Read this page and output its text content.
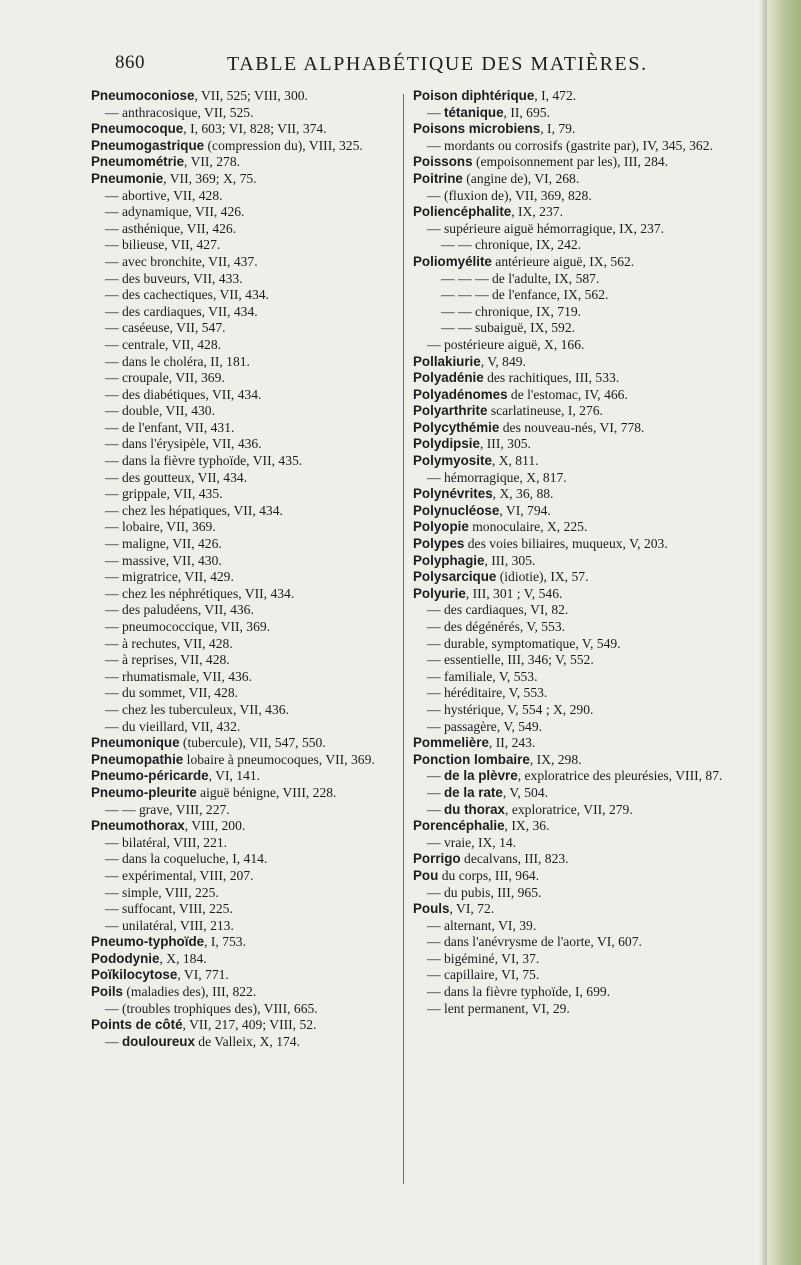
860	TABLE ALPHABÉTIQUE DES MATIÈRES.
Pneumoconiose, VII, 525; VIII, 300.
— anthracosique, VII, 525.
Pneumocoque, I, 603; VI, 828; VII, 374.
Pneumogastrique (compression du), VIII, 325.
Pneumométrie, VII, 278.
Pneumonie, VII, 369; X, 75.
— abortive, VII, 428.
— adynamique, VII, 426.
— asthénique, VII, 426.
— bilieuse, VII, 427.
— avec bronchite, VII, 437.
— des buveurs, VII, 433.
— des cachectiques, VII, 434.
— des cardiaques, VII, 434.
— caséeuse, VII, 547.
— centrale, VII, 428.
— dans le choléra, II, 181.
— croupale, VII, 369.
— des diabétiques, VII, 434.
— double, VII, 430.
— de l'enfant, VII, 431.
— dans l'érysipèle, VII, 436.
— dans la fièvre typhoïde, VII, 435.
— des goutteux, VII, 434.
— grippale, VII, 435.
— chez les hépatiques, VII, 434.
— lobaire, VII, 369.
— maligne, VII, 426.
— massive, VII, 430.
— migratrice, VII, 429.
— chez les néphrétiques, VII, 434.
— des paludéens, VII, 436.
— pneumococcique, VII, 369.
— à rechutes, VII, 428.
— à reprises, VII, 428.
— rhumatismale, VII, 436.
— du sommet, VII, 428.
— chez les tuberculeux, VII, 436.
— du vieillard, VII, 432.
Pneumonique (tubercule), VII, 547, 550.
Pneumopathie lobaire à pneumocoques, VII, 369.
Pneumo-péricarde, VI, 141.
Pneumo-pleurite aiguë bénigne, VIII, 228.
— — grave, VIII, 227.
Pneumothorax, VIII, 200.
— bilatéral, VIII, 221.
— dans la coqueluche, I, 414.
— expérimental, VIII, 207.
— simple, VIII, 225.
— suffocant, VIII, 225.
— unilatéral, VIII, 213.
Pneumo-typhoïde, I, 753.
Pododynie, X, 184.
Poïkilocytose, VI, 771.
Poils (maladies des), III, 822.
— (troubles trophiques des), VIII, 665.
Points de côté, VII, 217, 409; VIII, 52.
— douloureux de Valleix, X, 174.
Poison diphtérique, I, 472.
— tétanique, II, 695.
Poisons microbiens, I, 79.
— mordants ou corrosifs (gastrite par), IV, 345, 362.
Poissons (empoisonnement par les), III, 284.
Poitrine (angine de), VI, 268.
— (fluxion de), VII, 369, 828.
Poliencéphalite, IX, 237.
— supérieure aiguë hémorragique, IX, 237.
— — chronique, IX, 242.
Poliomyélite antérieure aiguë, IX, 562.
— — — de l'adulte, IX, 587.
— — — de l'enfance, IX, 562.
— — chronique, IX, 719.
— — subaiguë, IX, 592.
— postérieure aiguë, X, 166.
Pollakiurie, V, 849.
Polyadénie des rachitiques, III, 533.
Polyadénomes de l'estomac, IV, 466.
Polyarthrite scarlatineuse, I, 276.
Polycythémie des nouveau-nés, VI, 778.
Polydipsie, III, 305.
Polymyosite, X, 811.
— hémorragique, X, 817.
Polynévrites, X, 36, 88.
Polynucléose, VI, 794.
Polyopie monoculaire, X, 225.
Polypes des voies biliaires, muqueux, V, 203.
Polyphagie, III, 305.
Polysarcique (idiotie), IX, 57.
Polyurie, III, 301 ; V, 546.
— des cardiaques, VI, 82.
— des dégénérés, V, 553.
— durable, symptomatique, V, 549.
— essentielle, III, 346; V, 552.
— familiale, V, 553.
— héréditaire, V, 553.
— hystérique, V, 554 ; X, 290.
— passagère, V, 549.
Pommelière, II, 243.
Ponction lombaire, IX, 298.
— de la plèvre, exploratrice des pleurésies, VIII, 87.
— de la rate, V, 504.
— du thorax, exploratrice, VII, 279.
Porencéphalie, IX, 36.
— vraie, IX, 14.
Porrigo decalvans, III, 823.
Pou du corps, III, 964.
— du pubis, III, 965.
Pouls, VI, 72.
— alternant, VI, 39.
— dans l'anévrysme de l'aorte, VI, 607.
— bigéminé, VI, 37.
— capillaire, VI, 75.
— dans la fièvre typhoïde, I, 699.
— lent permanent, VI, 29.
